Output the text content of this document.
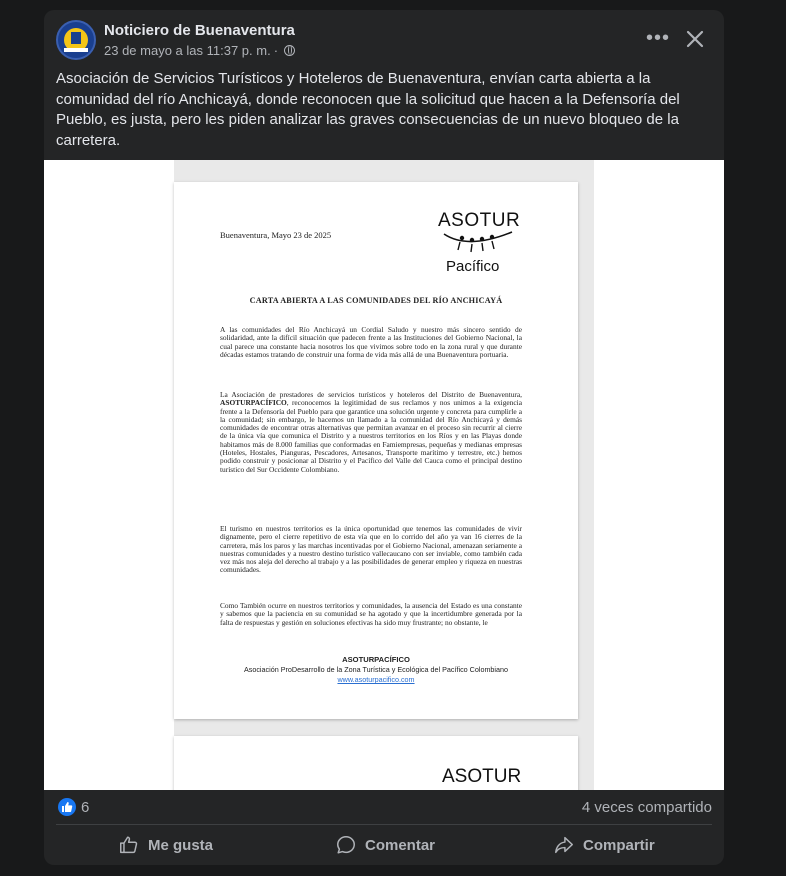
Noticiero de Buenaventura
23 de mayo a las 11:37 p. m. ·
•••
Asociación de Servicios Turísticos y Hoteleros de Buenaventura, envían carta abierta a la comunidad del río Anchicayá, donde reconocen que la solicitud que hacen a la Defensoría del Pueblo, es justa, pero les piden analizar las graves consecuencias de un nuevo bloqueo de la carretera.
Buenaventura, Mayo 23 de 2025
ASOTUR
Pacífico
CARTA ABIERTA A LAS COMUNIDADES DEL RÍO ANCHICAYÁ
A las comunidades del Río Anchicayá un Cordial Saludo y nuestro más sincero sentido de solidaridad, ante la difícil situación que padecen frente a las Instituciones del Gobierno Nacional, la cual parece una constante hacia nosotros los que vivimos sobre todo en la zona rural y que durante décadas estamos tratando de construir una forma de vida más allá de una Buenaventura portuaria.
La Asociación de prestadores de servicios turísticos y hoteleros del Distrito de Buenaventura, ASOTURPACÍFICO, reconocemos la legitimidad de sus reclamos y nos unimos a la exigencia frente a la Defensoría del Pueblo para que garantice una solución urgente y concreta para cumplirle a la comunidad; sin embargo, le hacemos un llamado a la comunidad del Río Anchicayá y demás comunidades de encontrar otras alternativas que permitan avanzar en el proceso sin recurrir al cierre de la única vía que comunica el Distrito y a nuestros territorios en los Ríos y en las Playas donde habitamos más de 8.000 familias que conformadas en Famiempresas, pequeñas y medianas empresas (Hoteles, Hostales, Pianguras, Pescadores, Artesanos, Transporte marítimo y terrestre, etc.) hemos podido construir y posicionar al Distrito y el Pacífico del Valle del Cauca como el principal destino turístico del Sur Occidente Colombiano.
El turismo en nuestros territorios es la única oportunidad que tenemos las comunidades de vivir dignamente, pero el cierre repetitivo de esta vía que en lo corrido del año ya van 16 cierres de la carretera, más los paros y las marchas incentivadas por el Gobierno Nacional, amenazan seriamente a nuestras comunidades y a nuestro destino turístico vallecaucano con ser inviable, como también cada vez más nos aleja del derecho al trabajo y a las posibilidades de generar empleo y riqueza en nuestras comunidades.
Como También ocurre en nuestros territorios y comunidades, la ausencia del Estado es una constante y sabemos que la paciencia en su comunidad se ha agotado y que la incertidumbre generada por la falta de respuestas y gestión en soluciones efectivas ha sido muy frustrante; no obstante, le
ASOTURPACÍFICO
Asociación ProDesarrollo de la Zona Turística y Ecológica del Pacífico Colombiano
www.asoturpacifico.com
ASOTUR
6	4 veces compartido
Me gusta	Comentar	Compartir
